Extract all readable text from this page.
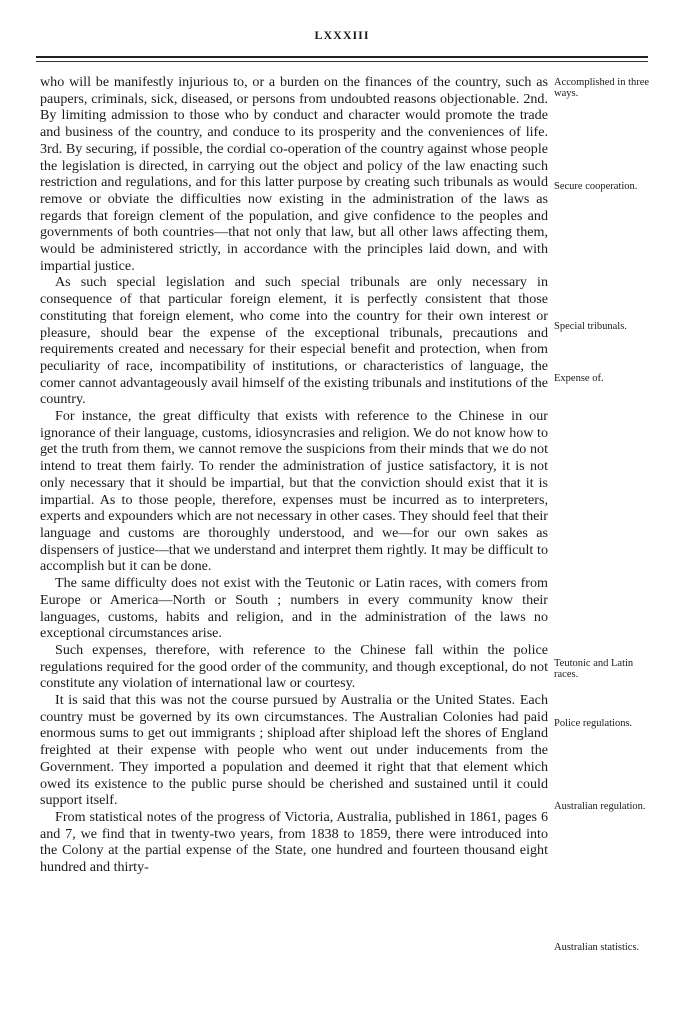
LXXXIII

who will be manifestly injurious to, or a burden on the finances of the country, such as paupers, criminals, sick, diseased, or persons from undoubted reasons objectionable. 2nd. By limiting admission to those who by conduct and character would promote the trade and business of the country, and conduce to its prosperity and the conveniences of life. 3rd. By securing, if possible, the cordial co-operation of the country against whose people the legislation is directed, in carrying out the object and policy of the law enacting such restriction and regulations, and for this latter purpose by creating such tribunals as would remove or obviate the difficulties now existing in the administration of the laws as regards that foreign clement of the population, and give confidence to the peoples and governments of both countries—that not only that law, but all other laws affecting them, would be administered strictly, in accordance with the principles laid down, and with impartial justice.

As such special legislation and such special tribunals are only necessary in consequence of that particular foreign element, it is perfectly consistent that those constituting that foreign element, who come into the country for their own interest or pleasure, should bear the expense of the exceptional tribunals, precautions and requirements created and necessary for their especial benefit and protection, when from peculiarity of race, incompatibility of institutions, or characteristics of language, the comer cannot advantageously avail himself of the existing tribunals and institutions of the country.

For instance, the great difficulty that exists with reference to the Chinese in our ignorance of their language, customs, idiosyncrasies and religion. We do not know how to get the truth from them, we cannot remove the suspicions from their minds that we do not intend to treat them fairly. To render the administration of justice satisfactory, it is not only necessary that it should be impartial, but that the conviction should exist that it is impartial. As to those people, therefore, expenses must be incurred as to interpreters, experts and expounders which are not necessary in other cases. They should feel that their language and customs are thoroughly understood, and we—for our own sakes as dispensers of justice—that we understand and interpret them rightly. It may be difficult to accomplish but it can be done.

The same difficulty does not exist with the Teutonic or Latin races, with comers from Europe or America—North or South ; numbers in every community know their languages, customs, habits and religion, and in the administration of the laws no exceptional circumstances arise.

Such expenses, therefore, with reference to the Chinese fall within the police regulations required for the good order of the community, and though exceptional, do not constitute any violation of international law or courtesy.

It is said that this was not the course pursued by Australia or the United States. Each country must be governed by its own circumstances. The Australian Colonies had paid enormous sums to get out immigrants ; shipload after shipload left the shores of England freighted at their expense with people who went out under inducements from the Government. They imported a population and deemed it right that that element which owed its existence to the public purse should be cherished and sustained until it could support itself.

From statistical notes of the progress of Victoria, Australia, published in 1861, pages 6 and 7, we find that in twenty-two years, from 1838 to 1859, there were introduced into the Colony at the partial expense of the State, one hundred and fourteen thousand eight hundred and thirty-

Accomplished in three ways.
Secure cooperation.
Special tribunals.
Expense of.
Teutonic and Latin races.
Police regulations.
Australian regulation.
Australian statistics.
